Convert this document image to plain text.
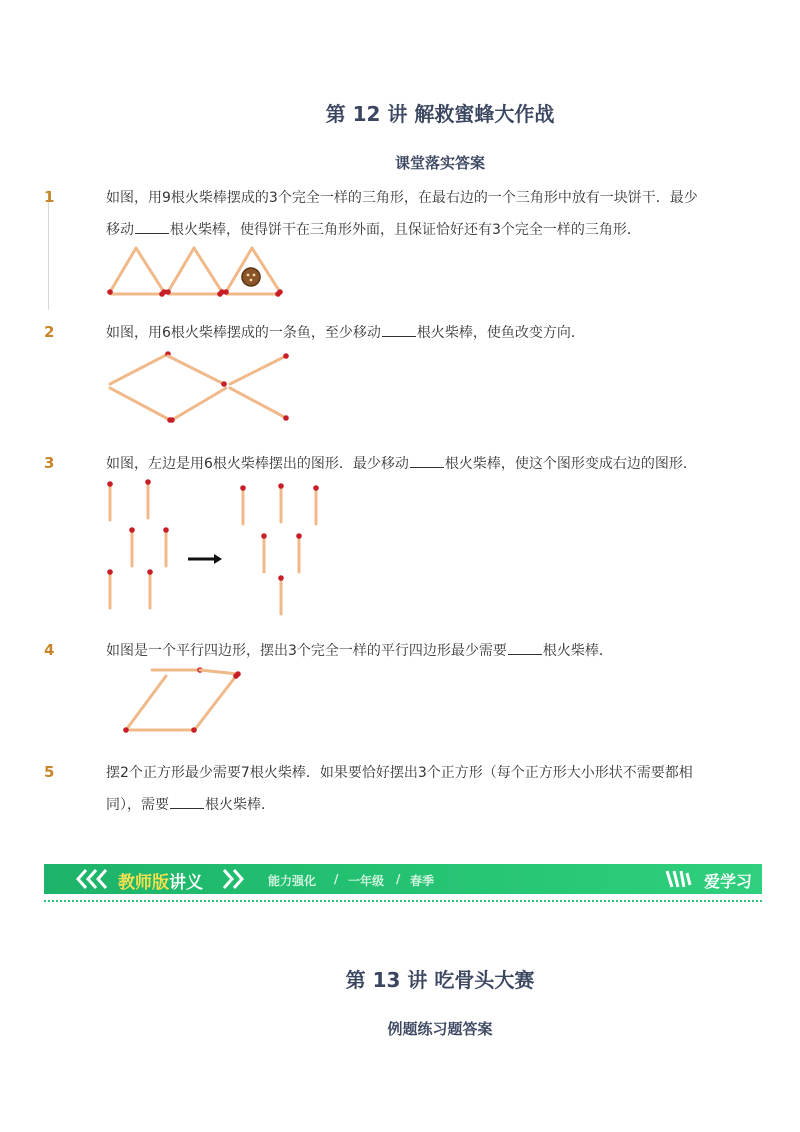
第 12 讲 解救蜜蜂大作战
课堂落实答案
1	如图，用9根火柴棒摆成的3个完全一样的三角形，在最右边的一个三角形中放有一块饼干．最少
移动	根火柴棒，使得饼干在三角形外面，且保证恰好还有3个完全一样的三角形．
2	如图，用6根火柴棒摆成的一条鱼，至少移动	根火柴棒，使鱼改变方向．
3	如图，左边是用6根火柴棒摆出的图形．最少移动	根火柴棒，使这个图形变成右边的图形．
4	如图是一个平行四边形，摆出3个完全一样的平行四边形最少需要	根火柴棒．
5	摆2个正方形最少需要7根火柴棒．如果要恰好摆出3个正方形（每个正方形大小形状不需要都相
同），需要	根火柴棒．
教师版讲义	能力强化 / 一年级 / 春季	爱学习
第 13 讲 吃骨头大赛
例题练习题答案
